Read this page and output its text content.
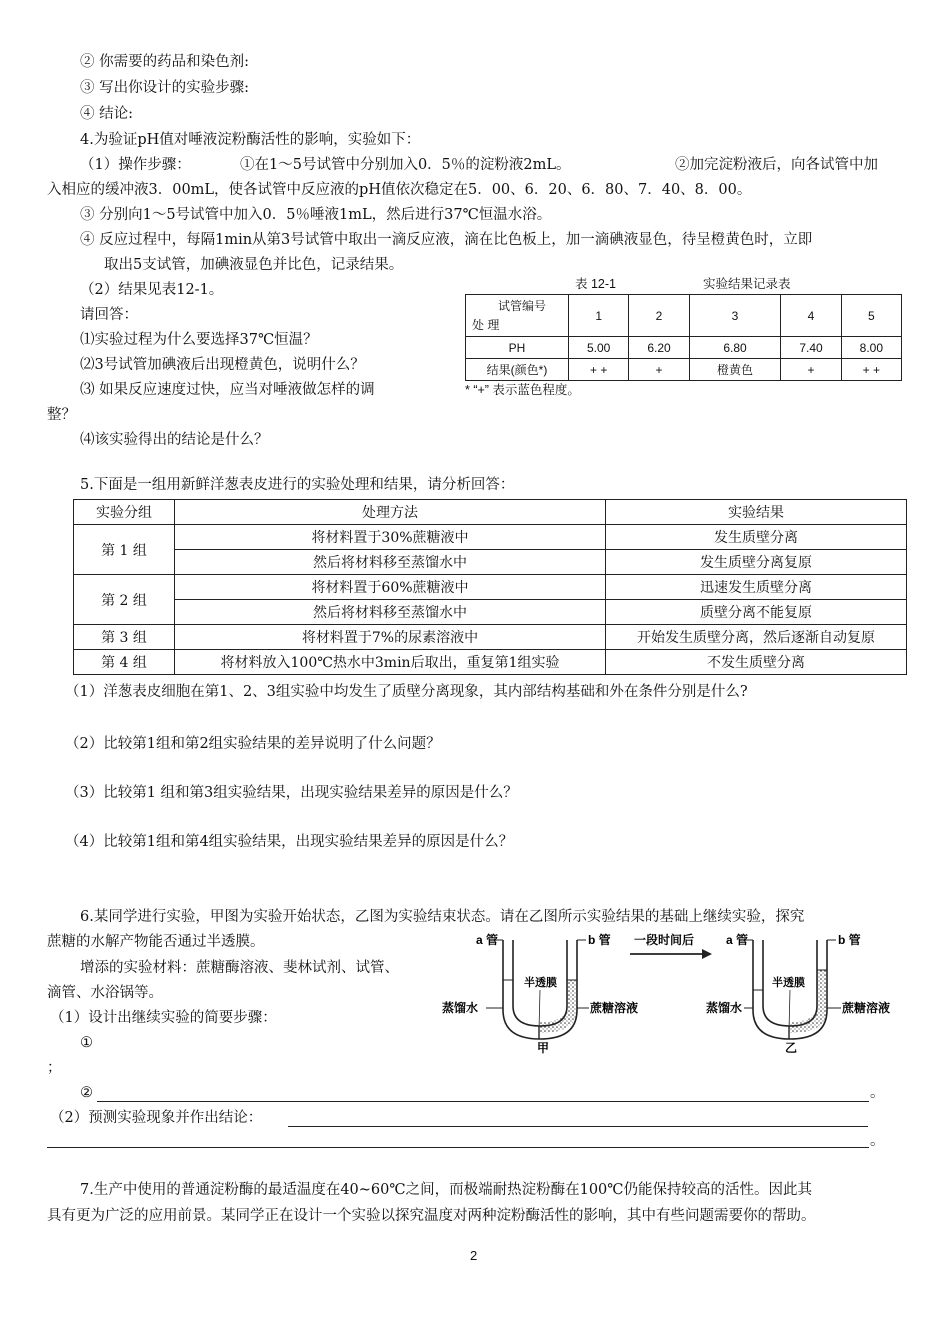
② 你需要的药品和染色剂:
③ 写出你设计的实验步骤:
④ 结论:
4.为验证pH值对唾液淀粉酶活性的影响，实验如下：
（1）操作步骤：	①在1～5号试管中分别加入0．5％的淀粉液2mL。	②加完淀粉液后，向各试管中加
入相应的缓冲液3．00mL，使各试管中反应液的pH值依次稳定在5．00、6．20、6．80、7．40、8．00。
③ 分别向1～5号试管中加入0．5％唾液1mL，然后进行37℃恒温水浴。
④ 反应过程中，每隔1min从第3号试管中取出一滴反应液，滴在比色板上，加一滴碘液显色，待呈橙黄色时，立即
取出5支试管，加碘液显色并比色，记录结果。
（2）结果见表12-1。
请回答：
⑴实验过程为什么要选择37℃恒温？
⑵3号试管加碘液后出现橙黄色，说明什么？
⑶ 如果反应速度过快，应当对唾液做怎样的调
整？
⑷该实验得出的结论是什么？
表 12-1	实验结果记录表
试管编号
处 理	1	2	3	4	5
PH	5.00	6.20	6.80	7.40	8.00
结果(颜色*)	+ +	+	橙黄色	+	+ +
* “+” 表示蓝色程度。
5.下面是一组用新鲜洋葱表皮进行的实验处理和结果，请分析回答：
实验分组	处理方法	实验结果
第 1 组	将材料置于30%蔗糖液中	发生质壁分离
	然后将材料移至蒸馏水中	发生质壁分离复原
第 2 组	将材料置于60%蔗糖液中	迅速发生质壁分离
	然后将材料移至蒸馏水中	质壁分离不能复原
第 3 组	将材料置于7%的尿素溶液中	开始发生质壁分离，然后逐渐自动复原
第 4 组	将材料放入100℃热水中3min后取出，重复第1组实验	不发生质壁分离
（1）洋葱表皮细胞在第1、2、3组实验中均发生了质壁分离现象，其内部结构基础和外在条件分别是什么?
（2）比较第1组和第2组实验结果的差异说明了什么问题？
（3）比较第1 组和第3组实验结果，出现实验结果差异的原因是什么？
（4）比较第1组和第4组实验结果，出现实验结果差异的原因是什么？
6.某同学进行实验，甲图为实验开始状态，乙图为实验结束状态。请在乙图所示实验结果的基础上继续实验，探究
蔗糖的水解产物能否通过半透膜。
增添的实验材料：蔗糖酶溶液、斐林试剂、试管、
滴管、水浴锅等。
（1）设计出继续实验的简要步骤：
①
；
②	。
（2）预测实验现象并作出结论：
。
a 管	b 管
半透膜
蒸馏水	蔗糖溶液
甲
一段时间后	a 管	b 管
半透膜
蒸馏水	蔗糖溶液
乙
7.生产中使用的普通淀粉酶的最适温度在40~60℃之间，而极端耐热淀粉酶在100℃仍能保持较高的活性。因此其
具有更为广泛的应用前景。某同学正在设计一个实验以探究温度对两种淀粉酶活性的影响，其中有些问题需要你的帮助。
2
